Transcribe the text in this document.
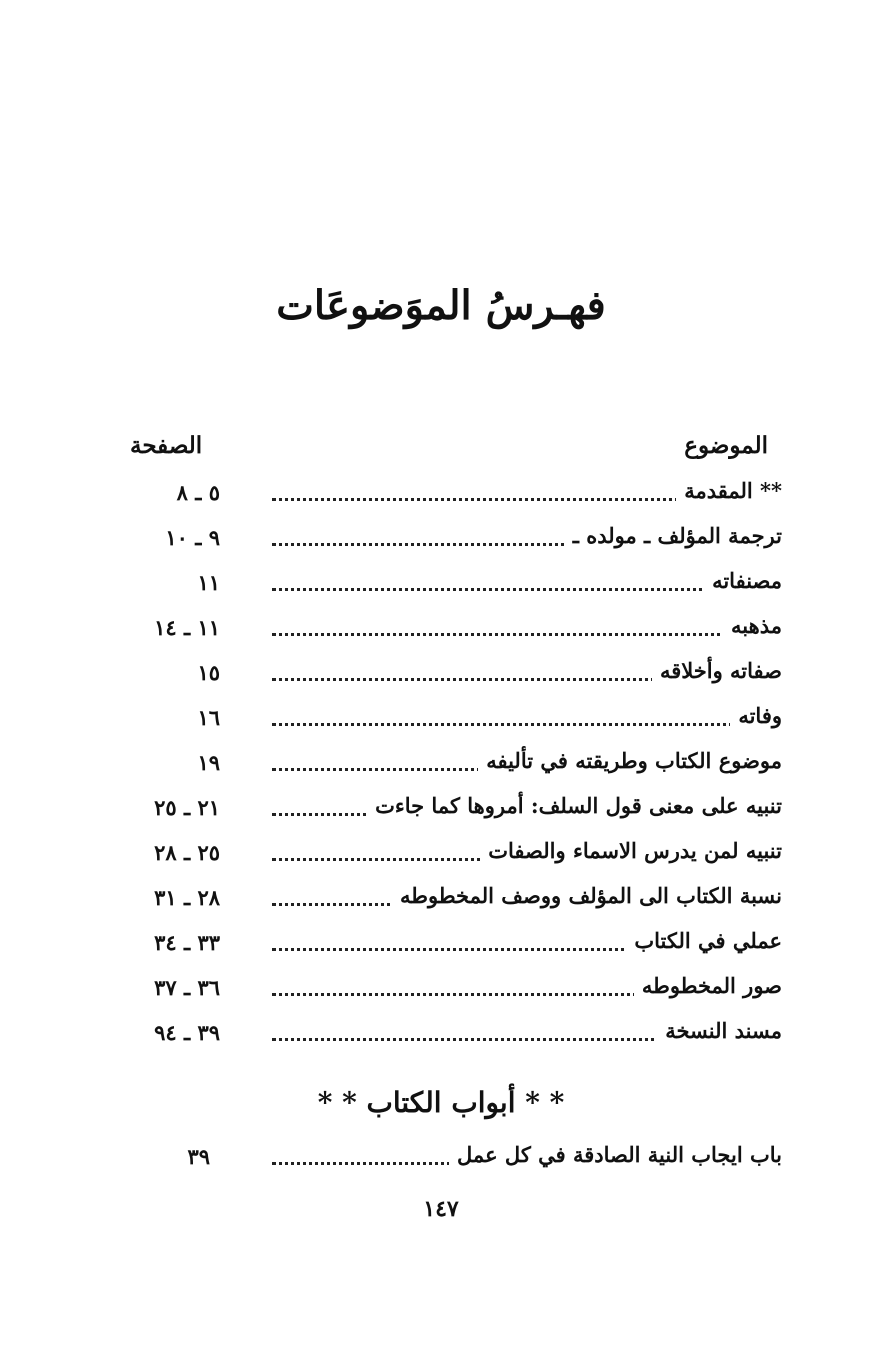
فهـرسُ الموَضوعَات
الموضوع
الصفحة
** المقدمة
٥ ـ ٨
ترجمة المؤلف ـ مولده ـ
٩ ـ ١٠
مصنفاته
١١
مذهبه
١١ ـ ١٤
صفاته وأخلاقه
١٥
وفاته
١٦
موضوع الكتاب وطريقته في تأليفه
١٩
تنبيه على معنى قول السلف: أمروها كما جاءت
٢١ ـ ٢٥
تنبيه لمن يدرس الاسماء والصفات
٢٥ ـ ٢٨
نسبة الكتاب الى المؤلف ووصف المخطوطه
٢٨ ـ ٣١
عملي في الكتاب
٣٣ ـ ٣٤
صور المخطوطه
٣٦ ـ ٣٧
مسند النسخة
٣٩ ـ ٩٤
* * أبواب الكتاب * *
باب ايجاب النية الصادقة في كل عمل
٣٩
١٤٧
